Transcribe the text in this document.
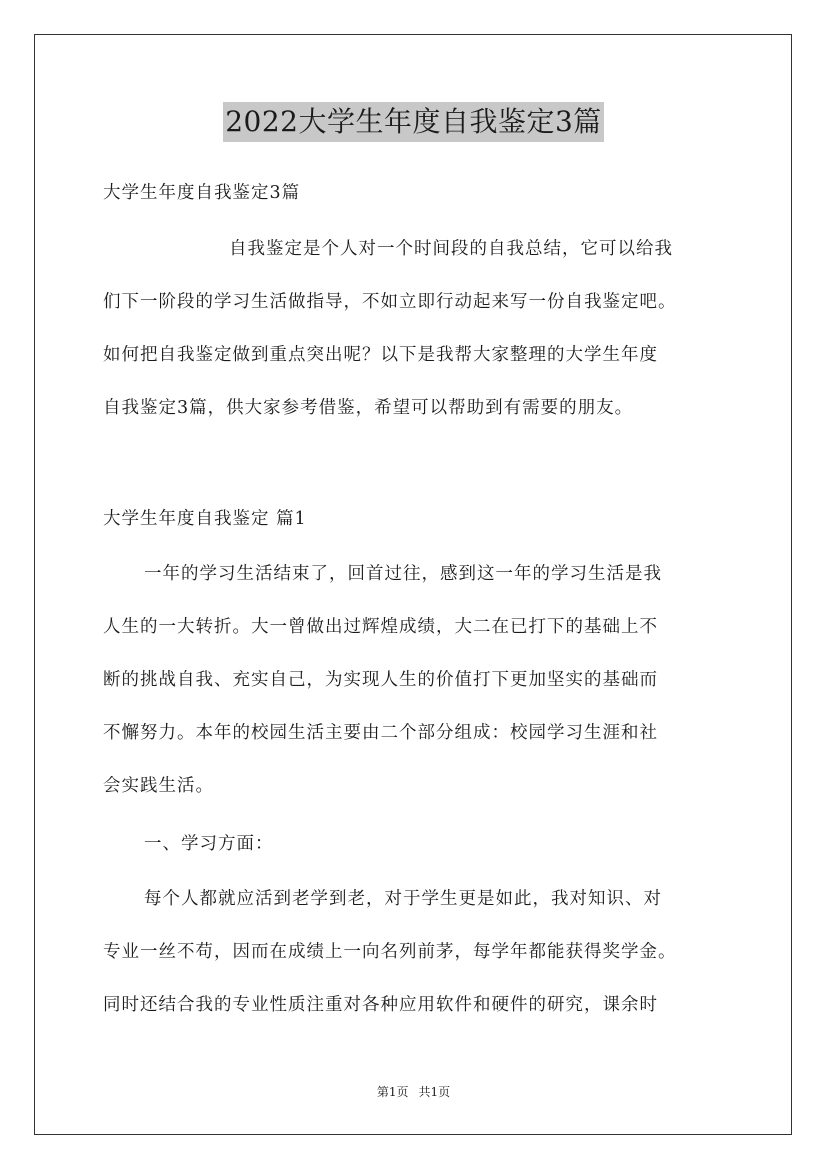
2022大学生年度自我鉴定3篇
大学生年度自我鉴定3篇
自我鉴定是个人对一个时间段的自我总结，它可以给我
们下一阶段的学习生活做指导，不如立即行动起来写一份自我鉴定吧。
如何把自我鉴定做到重点突出呢？以下是我帮大家整理的大学生年度
自我鉴定3篇，供大家参考借鉴，希望可以帮助到有需要的朋友。
大学生年度自我鉴定 篇1
一年的学习生活结束了，回首过往，感到这一年的学习生活是我
人生的一大转折。大一曾做出过辉煌成绩，大二在已打下的基础上不
断的挑战自我、充实自己，为实现人生的价值打下更加坚实的基础而
不懈努力。本年的校园生活主要由二个部分组成：校园学习生涯和社
会实践生活。
一、学习方面：
每个人都就应活到老学到老，对于学生更是如此，我对知识、对
专业一丝不苟，因而在成绩上一向名列前茅，每学年都能获得奖学金。
同时还结合我的专业性质注重对各种应用软件和硬件的研究，课余时
第1页 共1页
